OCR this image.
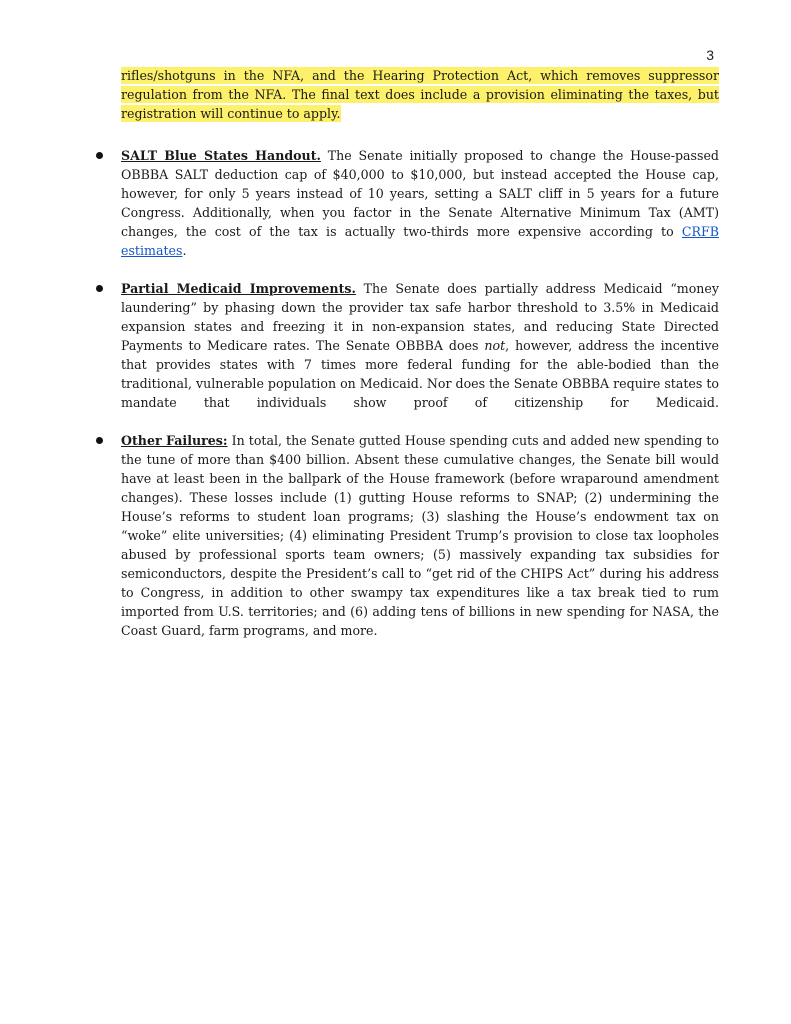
3
rifles/shotguns in the NFA, and the Hearing Protection Act, which removes suppressor regulation from the NFA. The final text does include a provision eliminating the taxes, but registration will continue to apply.
SALT Blue States Handout. The Senate initially proposed to change the House-passed OBBBA SALT deduction cap of $40,000 to $10,000, but instead accepted the House cap, however, for only 5 years instead of 10 years, setting a SALT cliff in 5 years for a future Congress. Additionally, when you factor in the Senate Alternative Minimum Tax (AMT) changes, the cost of the tax is actually two-thirds more expensive according to CRFB estimates.
Partial Medicaid Improvements. The Senate does partially address Medicaid “money laundering” by phasing down the provider tax safe harbor threshold to 3.5% in Medicaid expansion states and freezing it in non-expansion states, and reducing State Directed Payments to Medicare rates. The Senate OBBBA does not, however, address the incentive that provides states with 7 times more federal funding for the able-bodied than the traditional, vulnerable population on Medicaid. Nor does the Senate OBBBA require states to mandate that individuals show proof of citizenship for Medicaid.
Other Failures: In total, the Senate gutted House spending cuts and added new spending to the tune of more than $400 billion. Absent these cumulative changes, the Senate bill would have at least been in the ballpark of the House framework (before wraparound amendment changes). These losses include (1) gutting House reforms to SNAP; (2) undermining the House’s reforms to student loan programs; (3) slashing the House’s endowment tax on “woke” elite universities; (4) eliminating President Trump’s provision to close tax loopholes abused by professional sports team owners; (5) massively expanding tax subsidies for semiconductors, despite the President’s call to “get rid of the CHIPS Act” during his address to Congress, in addition to other swampy tax expenditures like a tax break tied to rum imported from U.S. territories; and (6) adding tens of billions in new spending for NASA, the Coast Guard, farm programs, and more.
